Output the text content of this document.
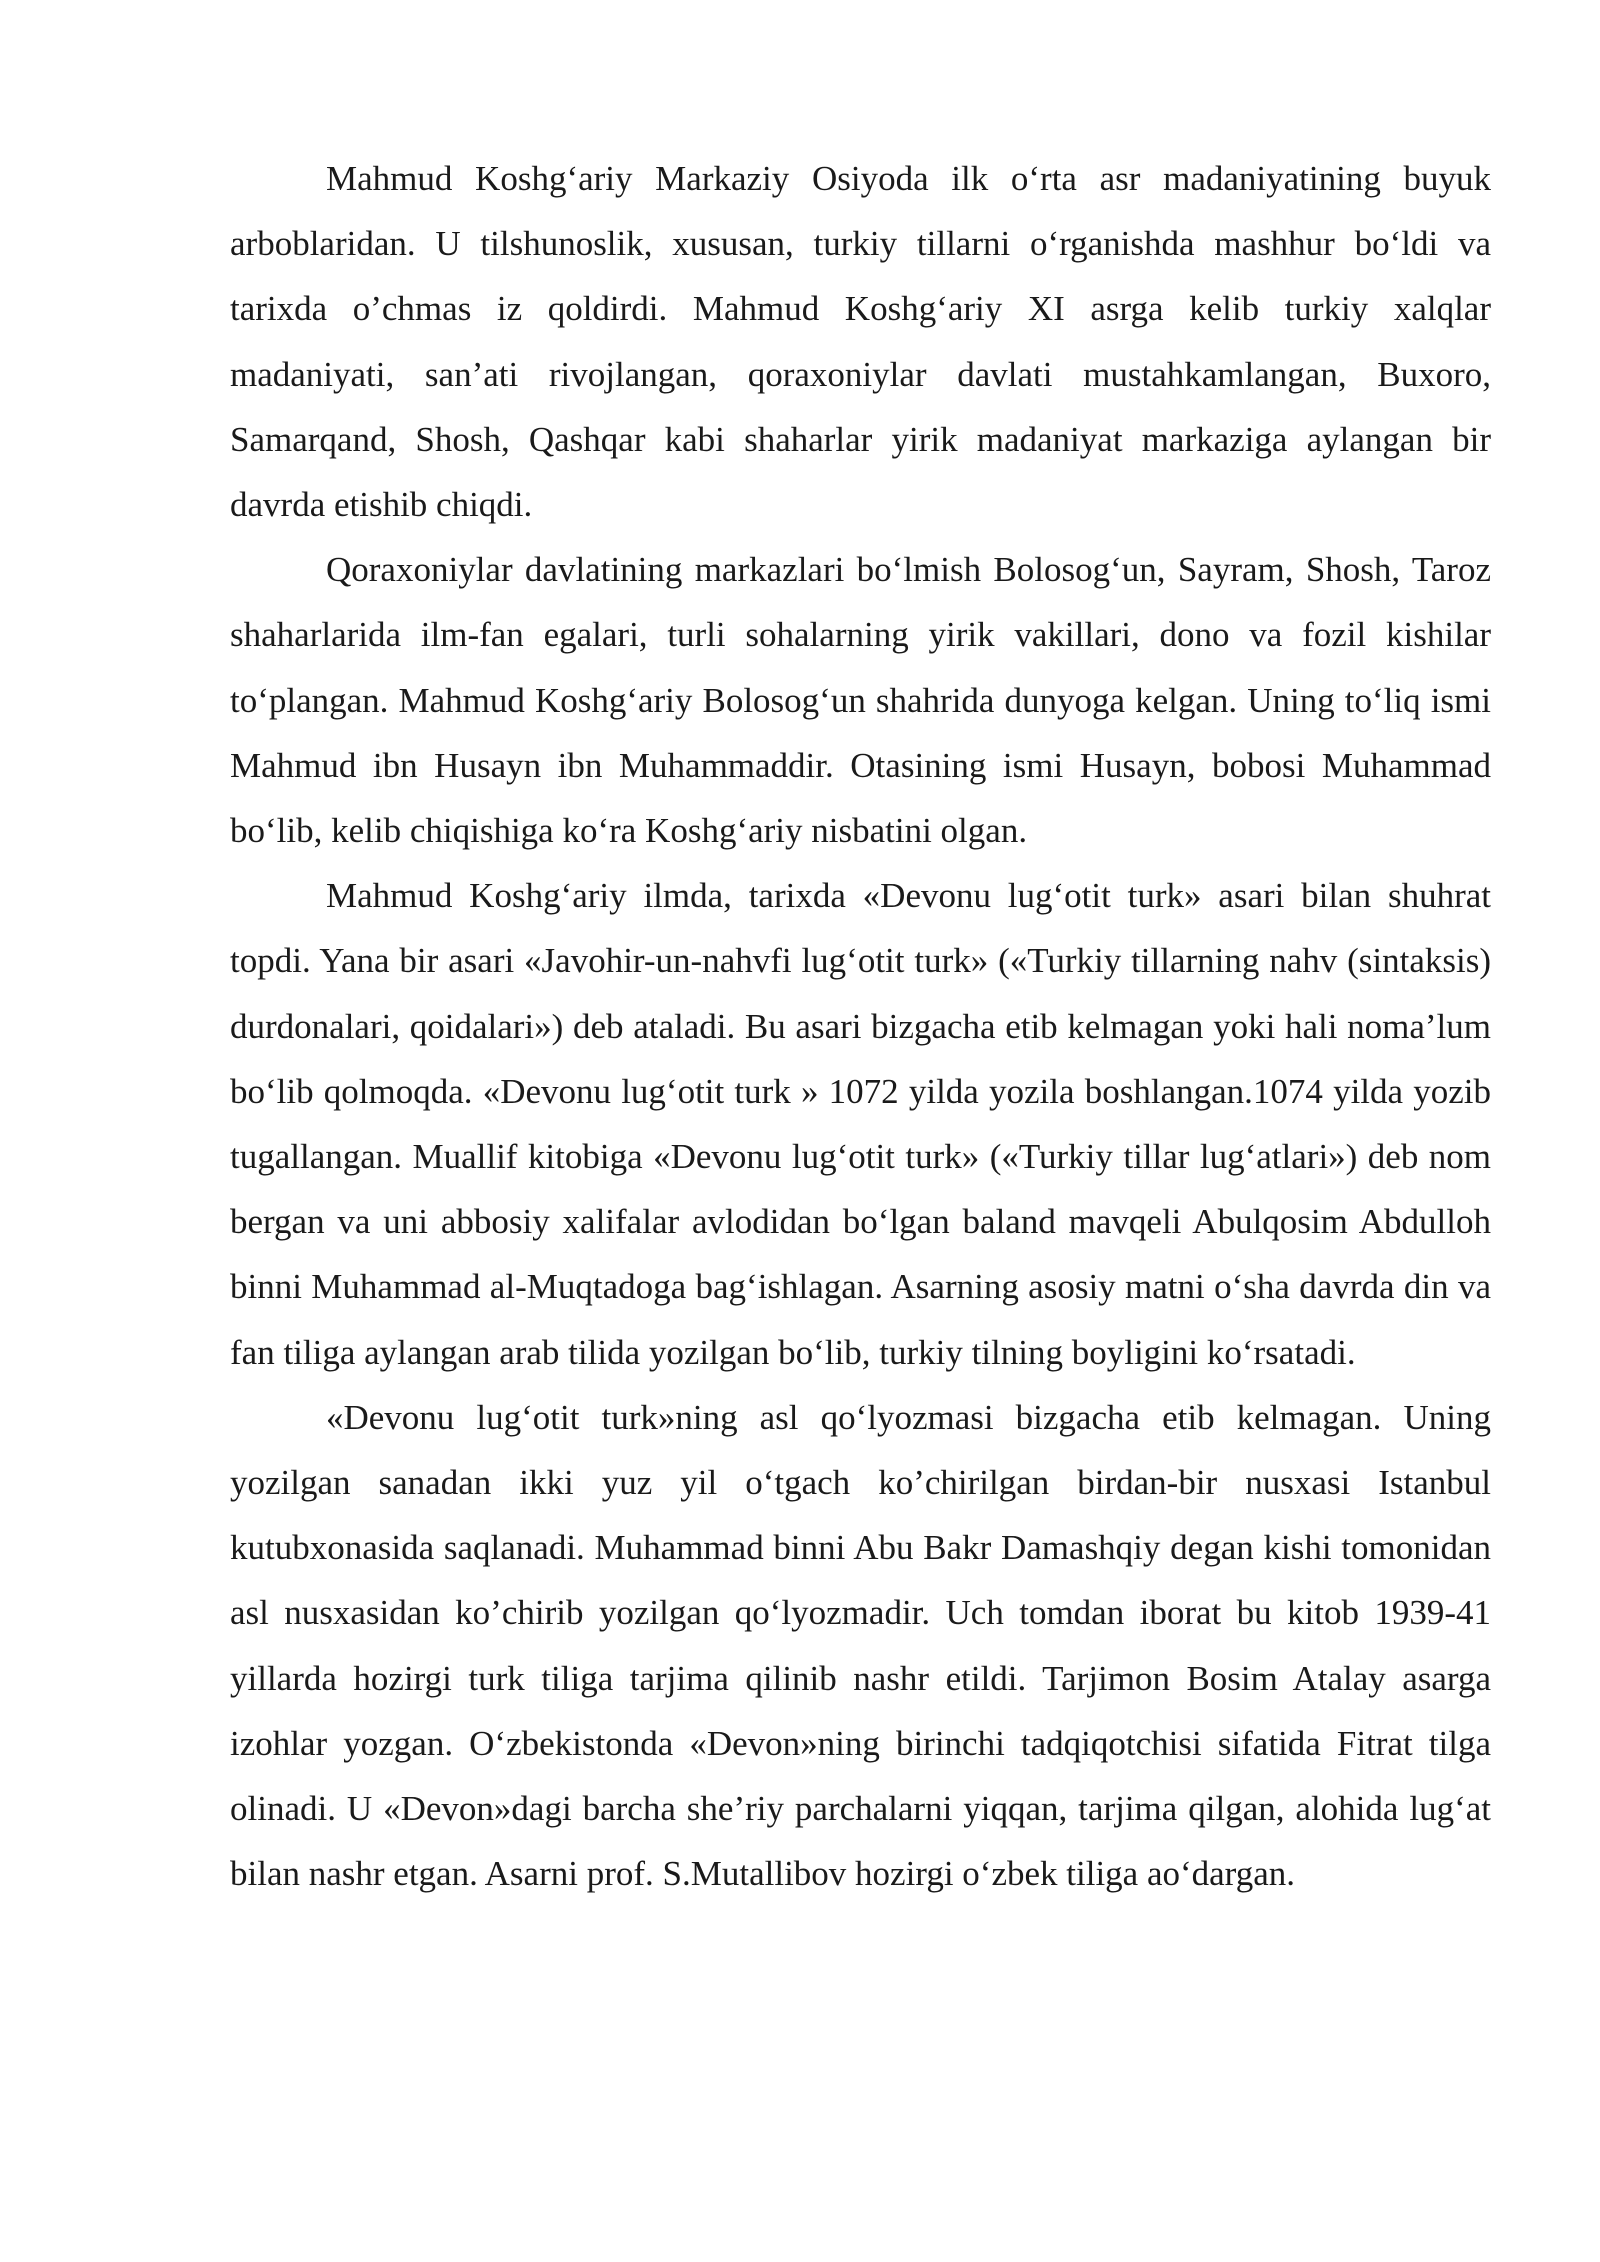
Mahmud Koshg‘ariy Markaziy Osiyoda ilk o‘rta asr madaniyatining buyuk arboblaridan. U tilshunoslik, xususan, turkiy tillarni o‘rganishda mashhur bo‘ldi va tarixda o’chmas iz qoldirdi. Mahmud Koshg‘ariy XI asrga kelib turkiy xalqlar madaniyati, san’ati rivojlangan, qoraxoniylar davlati mustahkamlangan, Buxoro, Samarqand, Shosh, Qashqar kabi shaharlar yirik madaniyat markaziga aylangan bir davrda etishib chiqdi.

Qoraxoniylar davlatining markazlari bo‘lmish Bolosog‘un, Sayram, Shosh, Taroz shaharlarida ilm-fan egalari, turli sohalarning yirik vakillari, dono va fozil kishilar to‘plangan. Mahmud Koshg‘ariy Bolosog‘un shahrida dunyoga kelgan. Uning to‘liq ismi Mahmud ibn Husayn ibn Muhammaddir. Otasining ismi Husayn, bobosi Muhammad bo‘lib, kelib chiqishiga ko‘ra Koshg‘ariy nisbatini olgan.

Mahmud Koshg‘ariy ilmda, tarixda «Devonu lug‘otit turk» asari bilan shuhrat topdi. Yana bir asari «Javohir-un-nahvfi lug‘otit turk» («Turkiy tillarning nahv (sintaksis) durdonalari, qoidalari») deb ataladi. Bu asari bizgacha etib kelmagan yoki hali noma’lum bo‘lib qolmoqda. «Devonu lug‘otit turk » 1072 yilda yozila boshlangan.1074 yilda yozib tugallangan. Muallif kitobiga «Devonu lug‘otit turk» («Turkiy tillar lug‘atlari») deb nom bergan va uni abbosiy xalifalar avlodidan bo‘lgan baland mavqeli Abulqosim Abdulloh binni Muhammad al-Muqtadoga bag‘ishlagan. Asarning asosiy matni o‘sha davrda din va fan tiliga aylangan arab tilida yozilgan bo‘lib, turkiy tilning boyligini ko‘rsatadi.

«Devonu lug‘otit turk»ning asl qo‘lyozmasi bizgacha etib kelmagan. Uning yozilgan sanadan ikki yuz yil o‘tgach ko’chirilgan birdan-bir nusxasi Istanbul kutubxonasida saqlanadi. Muhammad binni Abu Bakr Damashqiy degan kishi tomonidan asl nusxasidan ko’chirib yozilgan qo‘lyozmadir. Uch tomdan iborat bu kitob 1939-41 yillarda hozirgi turk tiliga tarjima qilinib nashr etildi. Tarjimon Bosim Atalay asarga izohlar yozgan. O‘zbekistonda «Devon»ning birinchi tadqiqotchisi sifatida Fitrat tilga olinadi. U «Devon»dagi barcha she’riy parchalarni yiqqan, tarjima qilgan, alohida lug‘at bilan nashr etgan. Asarni prof. S.Mutallibov hozirgi o‘zbek tiliga ao‘dargan.
